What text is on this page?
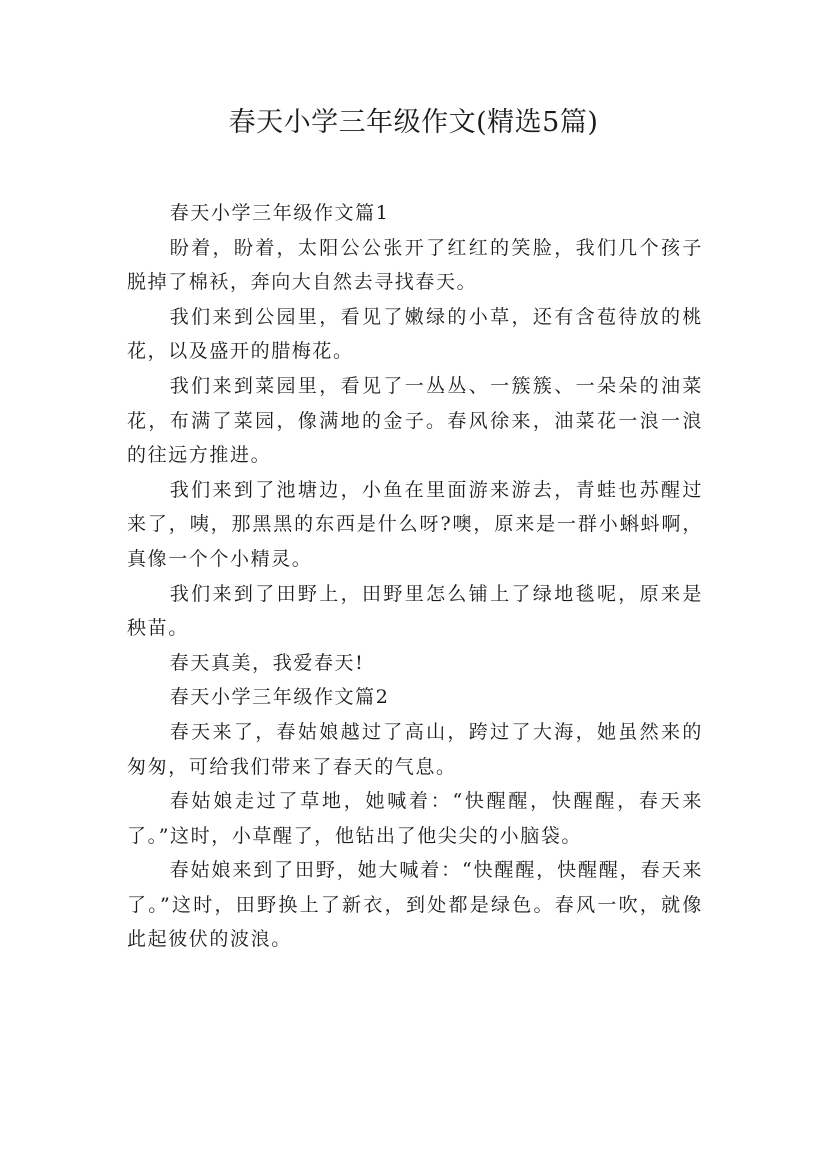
春天小学三年级作文(精选5篇)

春天小学三年级作文篇1

盼着，盼着，太阳公公张开了红红的笑脸，我们几个孩子脱掉了棉袄，奔向大自然去寻找春天。

我们来到公园里，看见了嫩绿的小草，还有含苞待放的桃花，以及盛开的腊梅花。

我们来到菜园里，看见了一丛丛、一簇簇、一朵朵的油菜花，布满了菜园，像满地的金子。春风徐来，油菜花一浪一浪的往远方推进。

我们来到了池塘边，小鱼在里面游来游去，青蛙也苏醒过来了，咦，那黑黑的东西是什么呀?噢，原来是一群小蝌蚪啊，真像一个个小精灵。

我们来到了田野上，田野里怎么铺上了绿地毯呢，原来是秧苗。

春天真美，我爱春天!

春天小学三年级作文篇2

春天来了，春姑娘越过了高山，跨过了大海，她虽然来的匆匆，可给我们带来了春天的气息。

春姑娘走过了草地，她喊着：“快醒醒，快醒醒，春天来了。”这时，小草醒了，他钻出了他尖尖的小脑袋。

春姑娘来到了田野，她大喊着：“快醒醒，快醒醒，春天来了。”这时，田野换上了新衣，到处都是绿色。春风一吹，就像此起彼伏的波浪。
